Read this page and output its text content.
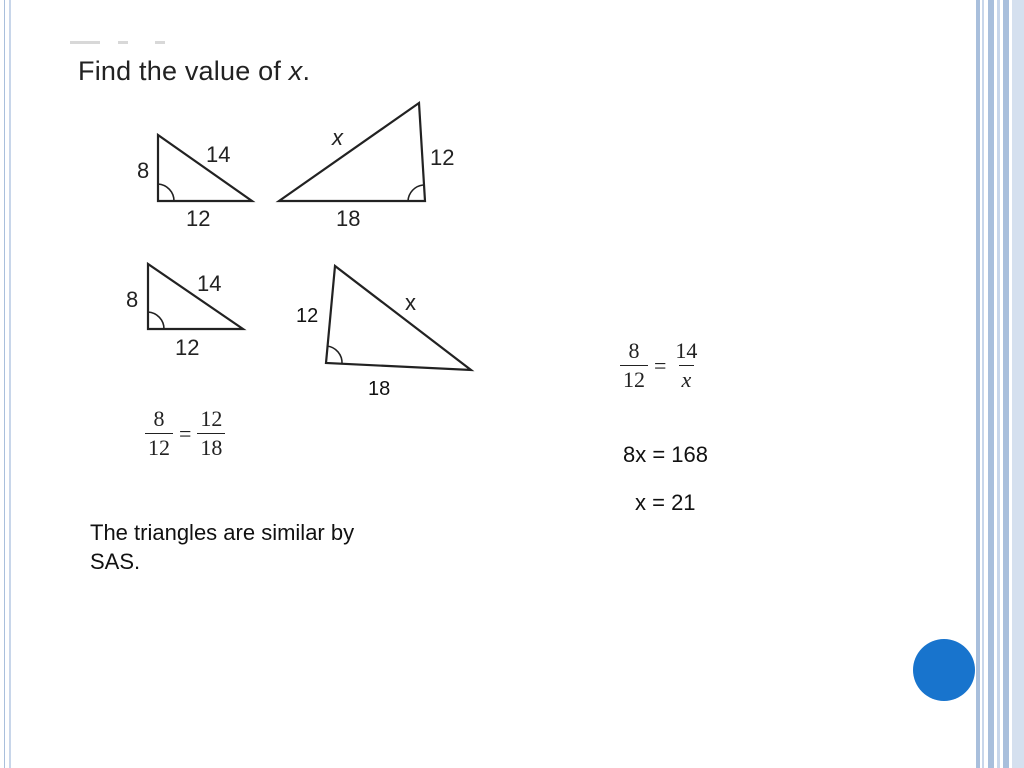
Find the value of x.
8
14
12
x
12
18
8
14
12
12
x
18
$\frac{8}{12} = \frac{12}{18}$
$\frac{8}{12} = \frac{14}{x}$
8x = 168
x = 21
The triangles are similar by
SAS.
